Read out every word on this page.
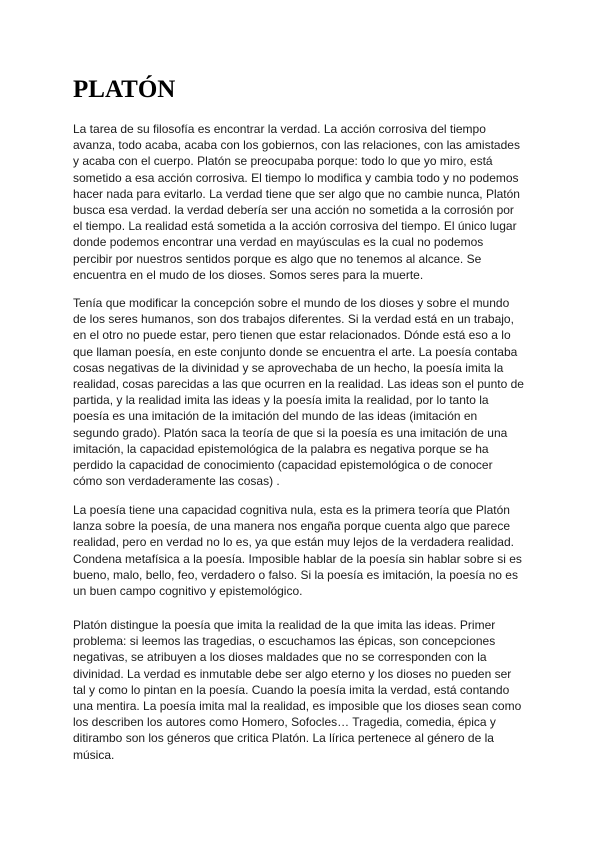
PLATÓN
La tarea de su filosofía es encontrar la verdad. La acción corrosiva del tiempo
avanza, todo acaba, acaba con los gobiernos, con las relaciones, con las amistades
y acaba con el cuerpo. Platón se preocupaba porque: todo lo que yo miro, está
sometido a esa acción corrosiva. El tiempo lo modifica y cambia todo y no podemos
hacer nada para evitarlo. La verdad tiene que ser algo que no cambie nunca, Platón
busca esa verdad. la verdad debería ser una acción no sometida a la corrosión por
el tiempo. La realidad está sometida a la acción corrosiva del tiempo. El único lugar
donde podemos encontrar una verdad en mayúsculas es la cual no podemos
percibir por nuestros sentidos porque es algo que no tenemos al alcance. Se
encuentra en el mudo de los dioses. Somos seres para la muerte.
Tenía que modificar la concepción sobre el mundo de los dioses y sobre el mundo
de los seres humanos, son dos trabajos diferentes. Si la verdad está en un trabajo,
en el otro no puede estar, pero tienen que estar relacionados. Dónde está eso a lo
que llaman poesía, en este conjunto donde se encuentra el arte. La poesía contaba
cosas negativas de la divinidad y se aprovechaba de un hecho, la poesía imita la
realidad, cosas parecidas a las que ocurren en la realidad. Las ideas son el punto de
partida, y la realidad imita las ideas y la poesía imita la realidad, por lo tanto la
poesía es una imitación de la imitación del mundo de las ideas (imitación en
segundo grado). Platón saca la teoría de que si la poesía es una imitación de una
imitación, la capacidad epistemológica de la palabra es negativa porque se ha
perdido la capacidad de conocimiento (capacidad epistemológica o de conocer
cómo son verdaderamente las cosas) .
La poesía tiene una capacidad cognitiva nula, esta es la primera teoría que Platón
lanza sobre la poesía, de una manera nos engaña porque cuenta algo que parece
realidad, pero en verdad no lo es, ya que están muy lejos de la verdadera realidad.
Condena metafísica a la poesía. Imposible hablar de la poesía sin hablar sobre si es
bueno, malo, bello, feo, verdadero o falso. Si la poesía es imitación, la poesía no es
un buen campo cognitivo y epistemológico.
Platón distingue la poesía que imita la realidad de la que imita las ideas. Primer
problema: si leemos las tragedias, o escuchamos las épicas, son concepciones
negativas, se atribuyen a los dioses maldades que no se corresponden con la
divinidad. La verdad es inmutable debe ser algo eterno y los dioses no pueden ser
tal y como lo pintan en la poesía. Cuando la poesía imita la verdad, está contando
una mentira. La poesía imita mal la realidad, es imposible que los dioses sean como
los describen los autores como Homero, Sofocles… Tragedia, comedia, épica y
ditirambo son los géneros que critica Platón. La lírica pertenece al género de la
música.
